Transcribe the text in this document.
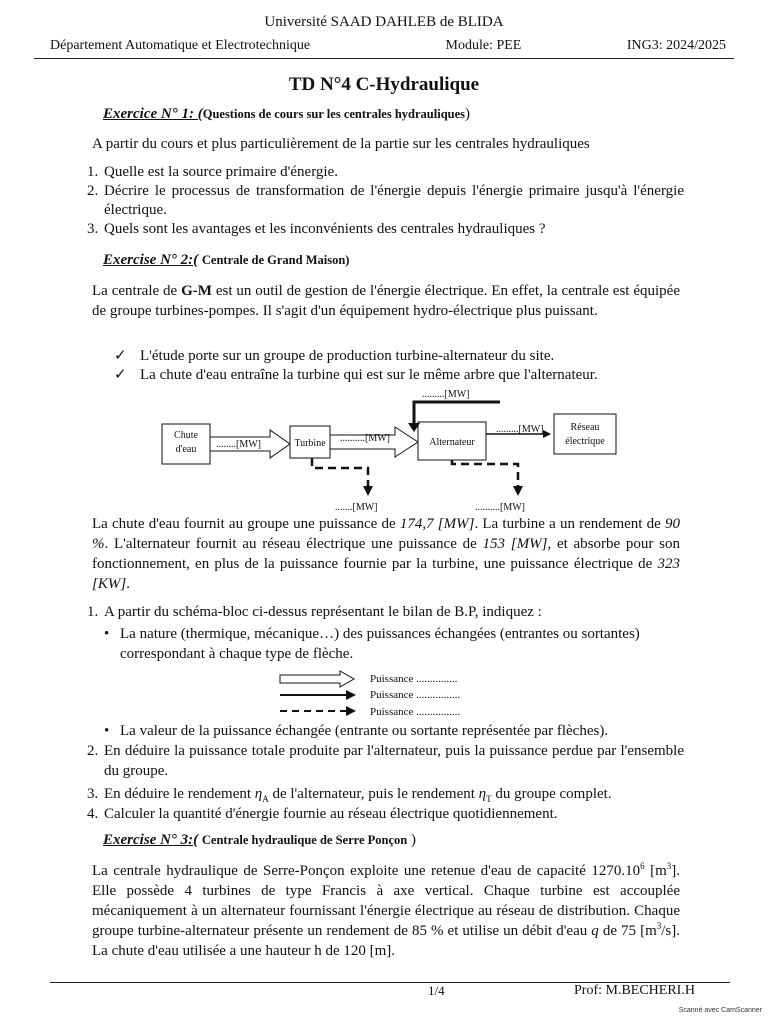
Université SAAD DAHLEB de BLIDA
Département Automatique et Electrotechnique	Module: PEE	ING3: 2024/2025
TD N°4 C-Hydraulique
Exercice N° 1: (Questions de cours sur les centrales hydrauliques)
A partir du cours et plus particulièrement de la partie sur les centrales hydrauliques
1. Quelle est la source primaire d'énergie.
2. Décrire le processus de transformation de l'énergie depuis l'énergie primaire jusqu'à l'énergie électrique.
3. Quels sont les avantages et les inconvénients des centrales hydrauliques ?
Exercise N° 2:( Centrale de Grand Maison)
La centrale de G-M est un outil de gestion de l'énergie électrique. En effet, la centrale est équipée de groupe turbines-pompes. Il s'agit d'un équipement hydro-électrique plus puissant.
✓ L'étude porte sur un groupe de production turbine-alternateur du site.
✓ La chute d'eau entraîne la turbine qui est sur le même arbre que l'alternateur.
Chute
d'eau ........[MW]	Turbine ..........[MW]	Alternateur
.........[MW]
.........[MW]	Réseau
électrique
.......[MW]	..........[MW]
La chute d'eau fournit au groupe une puissance de 174,7 [MW]. La turbine a un rendement de 90 %. L'alternateur fournit au réseau électrique une puissance de 153 [MW], et absorbe pour son fonctionnement, en plus de la puissance fournie par la turbine, une puissance électrique de 323 [KW].
1. A partir du schéma-bloc ci-dessus représentant le bilan de B.P, indiquez :
• La nature (thermique, mécanique…) des puissances échangées (entrantes ou sortantes) correspondant à chaque type de flèche.
Puissance ...............
Puissance ................
Puissance ................
• La valeur de la puissance échangée (entrante ou sortante représentée par flèches).
2. En déduire la puissance totale produite par l'alternateur, puis la puissance perdue par l'ensemble du groupe.
3. En déduire le rendement $\eta_A$ de l'alternateur, puis le rendement $\eta_T$ du groupe complet.
4. Calculer la quantité d'énergie fournie au réseau électrique quotidiennement.
Exercise N° 3:( Centrale hydraulique de Serre Ponçon )
La centrale hydraulique de Serre-Ponçon exploite une retenue d'eau de capacité 1270.10$^6$ $[m^3]$. Elle possède 4 turbines de type Francis à axe vertical. Chaque turbine est accouplée mécaniquement à un alternateur fournissant l'énergie électrique au réseau de distribution. Chaque groupe turbine-alternateur présente un rendement de 85 % et utilise un débit d'eau q de 75 $[m^3/s]$. La chute d'eau utilisée a une hauteur h de 120 [m].
1/4	Prof: M.BECHERI.H
Scanné avec CamScanner
